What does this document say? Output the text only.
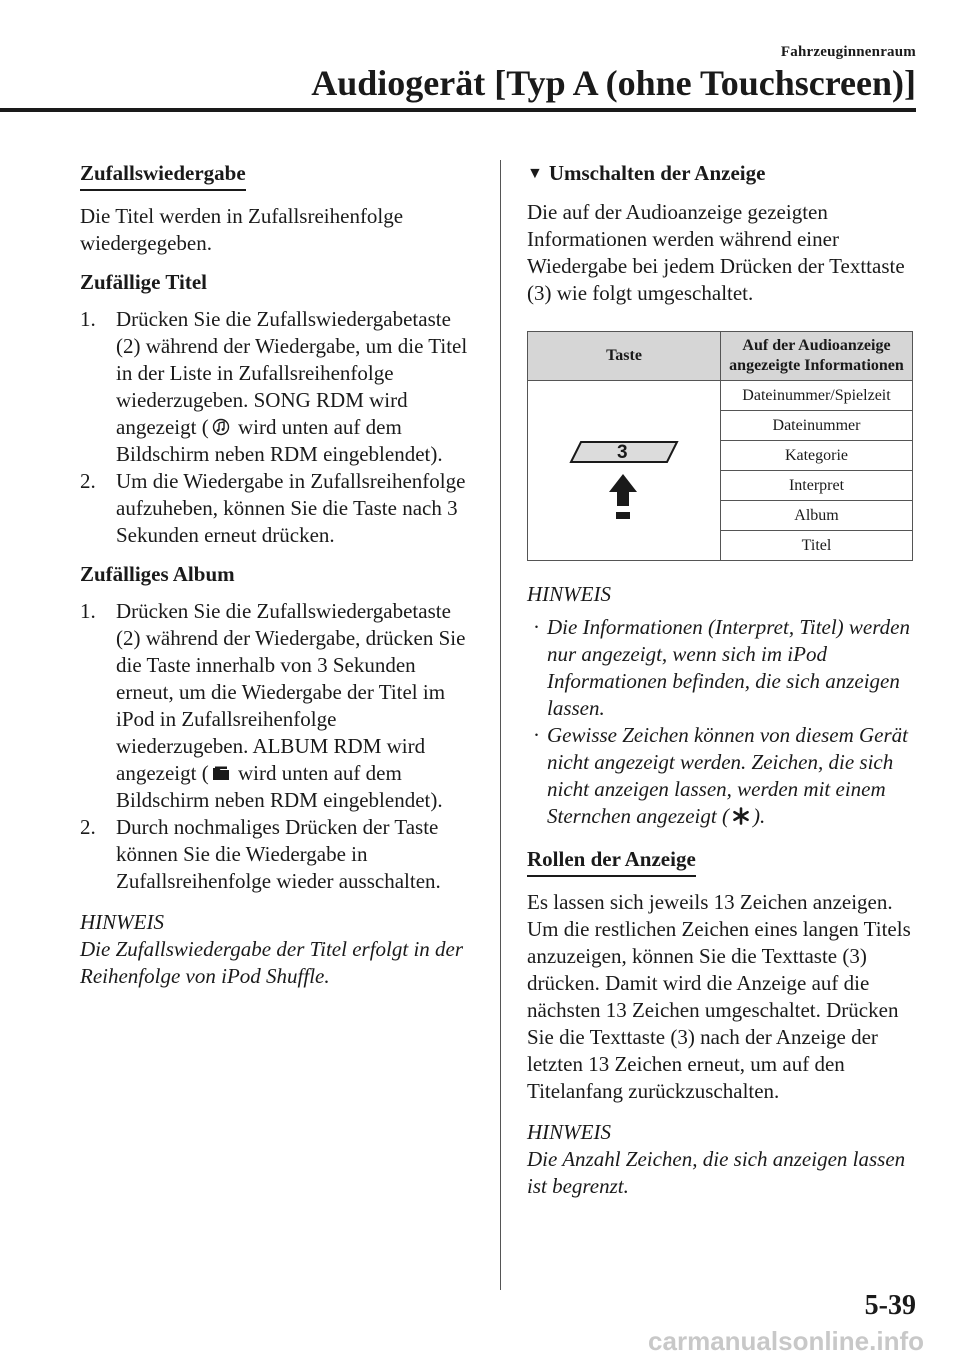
Fahrzeuginnenraum
Audiogerät [Typ A (ohne Touchscreen)]
Zufallswiedergabe

Die Titel werden in Zufallsreihenfolge wiedergegeben.

Zufällige Titel
1. Drücken Sie die Zufallswiedergabetaste (2) während der Wiedergabe, um die Titel in der Liste in Zufallsreihenfolge wiederzugeben. SONG RDM wird angezeigt (
wird unten auf dem Bildschirm neben RDM eingeblendet).
2. Um die Wiedergabe in Zufallsreihenfolge aufzuheben, können Sie die Taste nach 3 Sekunden erneut drücken.
Zufälliges Album
1. Drücken Sie die Zufallswiedergabetaste (2) während der Wiedergabe, drücken Sie die Taste innerhalb von 3 Sekunden erneut, um die Wiedergabe der Titel im iPod in Zufallsreihenfolge wiederzugeben. ALBUM RDM wird angezeigt (
wird unten auf dem Bildschirm neben RDM eingeblendet).
2. Durch nochmaliges Drücken der Taste können Sie die Wiedergabe in Zufallsreihenfolge wieder ausschalten.

HINWEIS

Die Zufallswiedergabe der Titel erfolgt in der Reihenfolge von iPod Shuffle.

▼ Umschalten der Anzeige

Die auf der Audioanzeige gezeigten Informationen werden während einer Wiedergabe bei jedem Drücken der Texttaste (3) wie folgt umgeschaltet.

Taste	Auf der Audioanzeige angezeigte Informationen

3	Dateinummer/Spielzeit
	Dateinummer
	Kategorie
	Interpret
	Album
	Titel

HINWEIS

· Die Informationen (Interpret, Titel) werden nur angezeigt, wenn sich im iPod Informationen befinden, die sich anzeigen lassen.
· Gewisse Zeichen können von diesem Gerät nicht angezeigt werden. Zeichen, die sich nicht anzeigen lassen, werden mit einem Sternchen angezeigt ( ).
Rollen der Anzeige

Es lassen sich jeweils 13 Zeichen anzeigen. Um die restlichen Zeichen eines langen Titels anzuzeigen, können Sie die Texttaste (3) drücken. Damit wird die Anzeige auf die nächsten 13 Zeichen umgeschaltet. Drücken Sie die Texttaste (3) nach der Anzeige der letzten 13 Zeichen erneut, um auf den Titelanfang zurückzuschalten.

HINWEIS

Die Anzahl Zeichen, die sich anzeigen lassen ist begrenzt.

5-39
carmanualsonline.info
